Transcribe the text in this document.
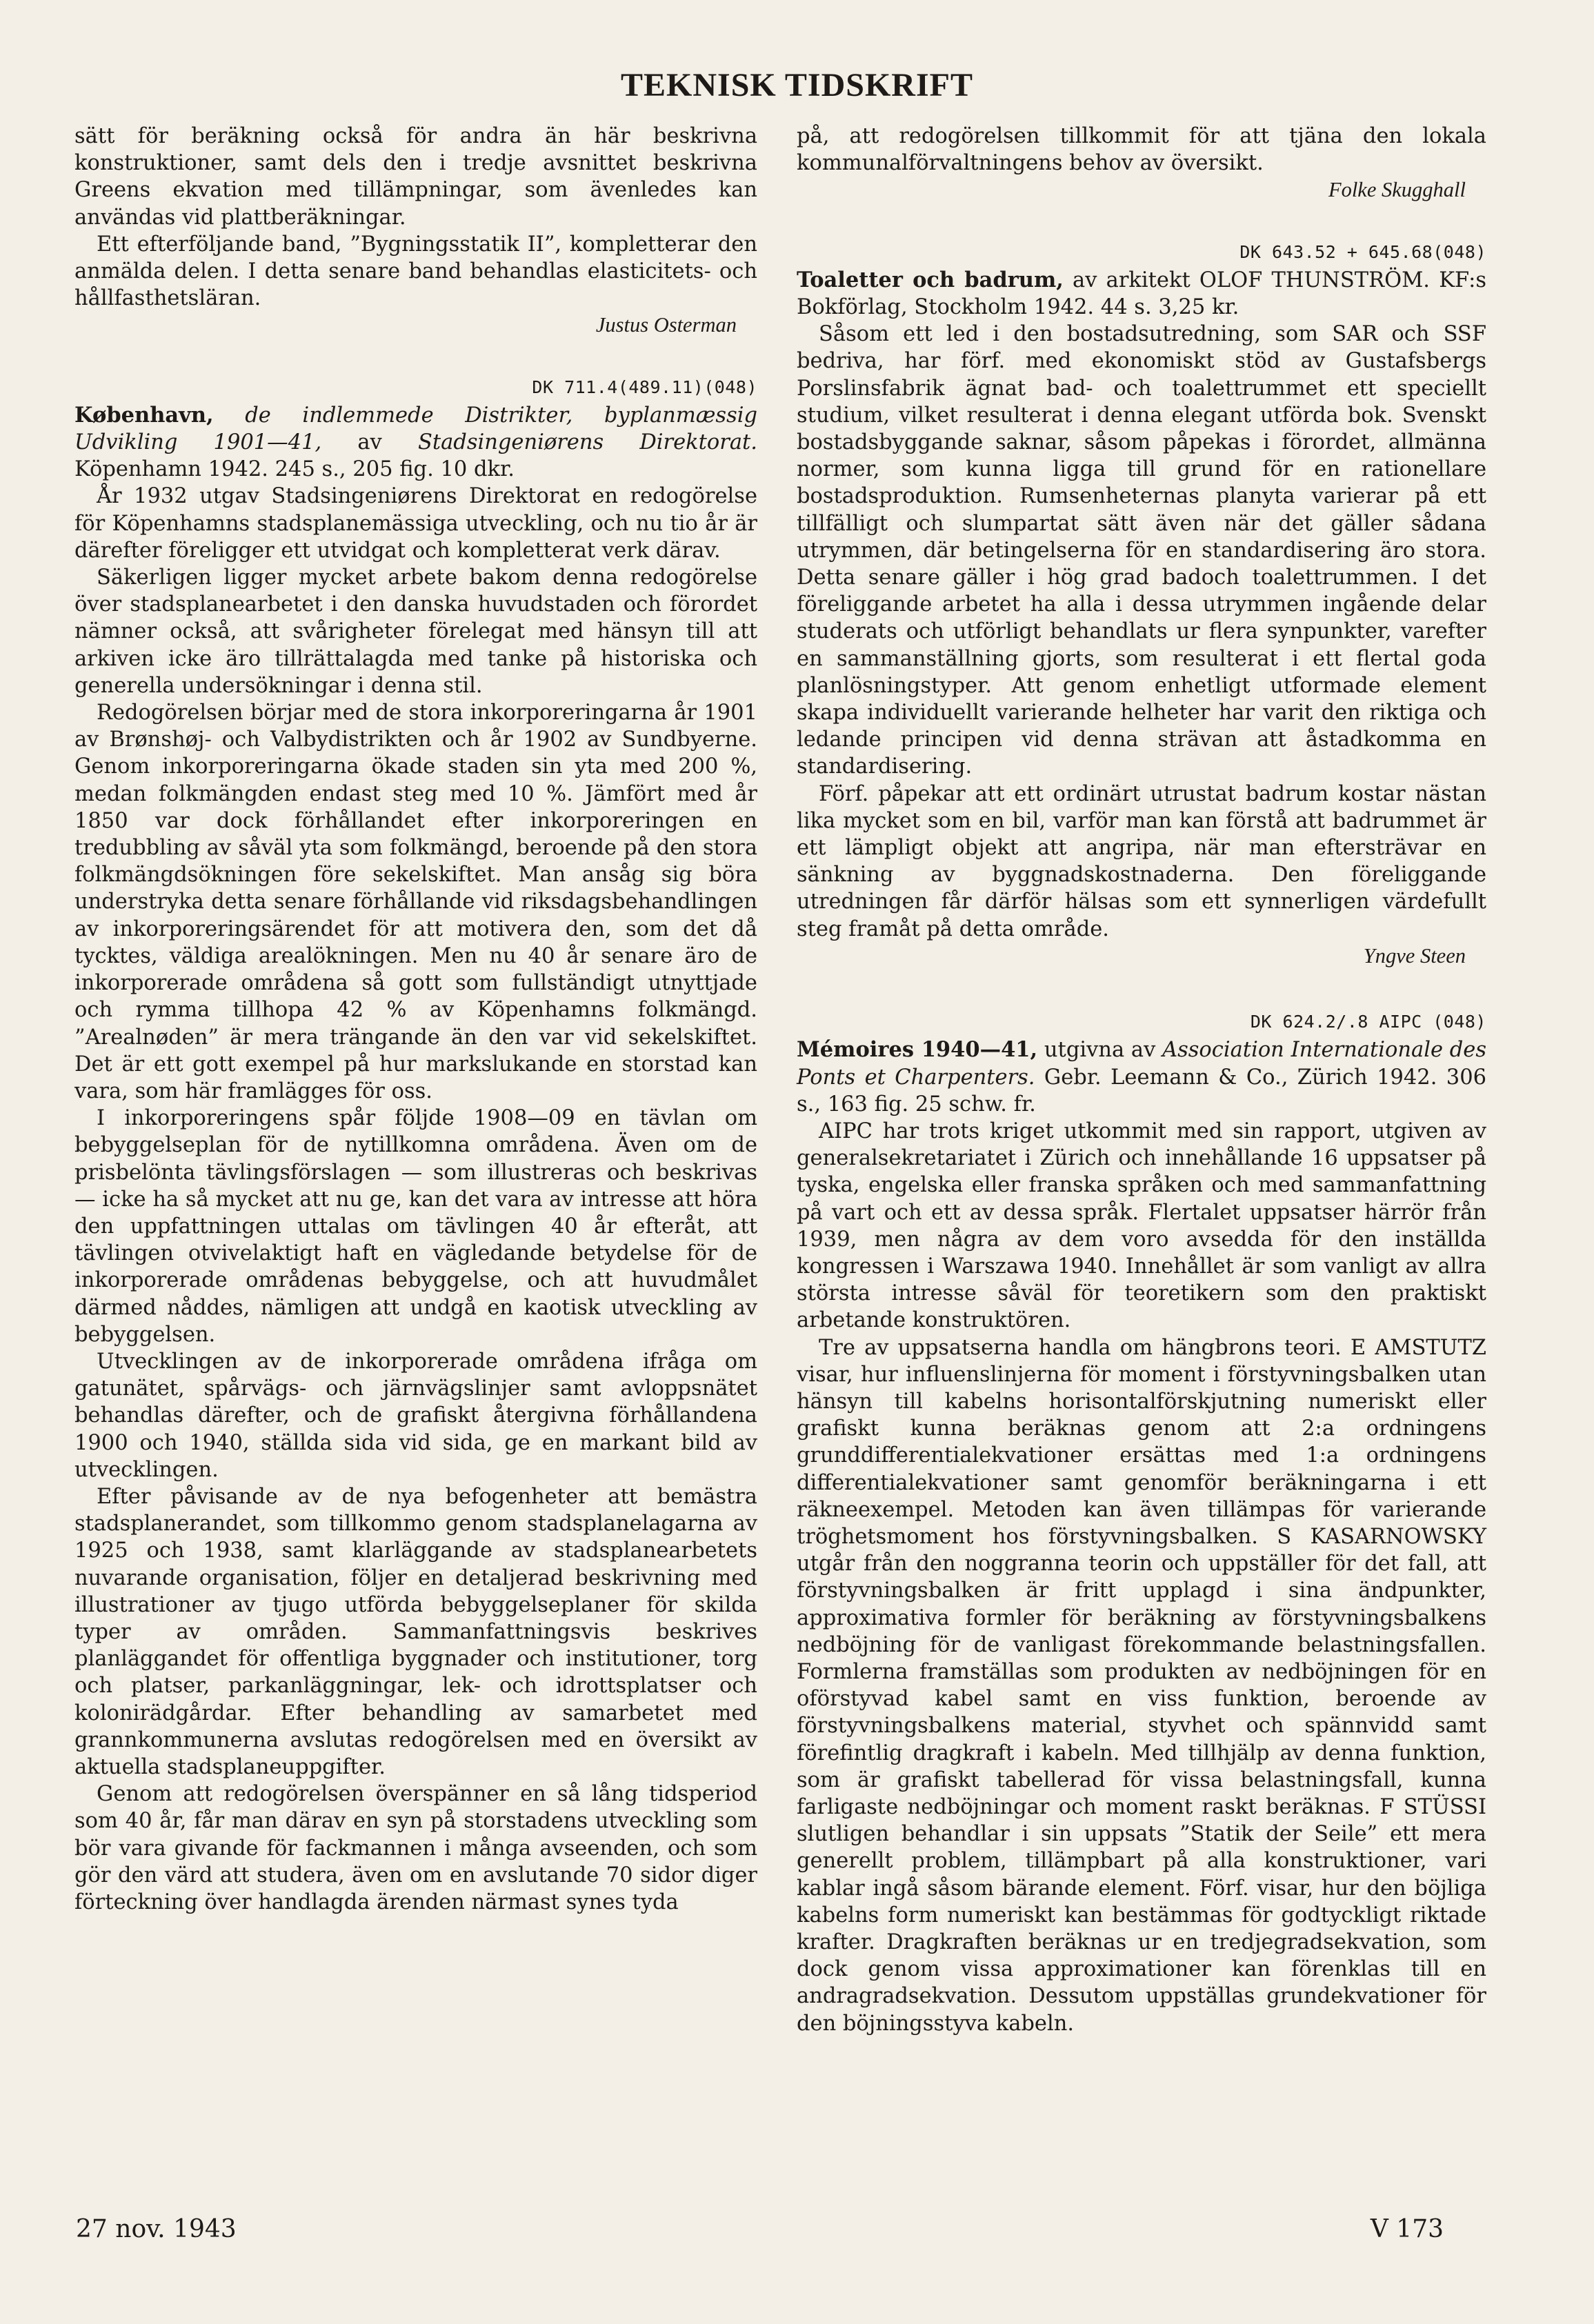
TEKNISK TIDSKRIFT

sätt för beräkning också för andra än här beskrivna konstruktioner, samt dels den i tredje avsnittet beskrivna Greens ekvation med tillämpningar, som ävenledes kan användas vid plattberäkningar.

Ett efterföljande band, ”Bygningsstatik II”, kompletterar den anmälda delen. I detta senare band behandlas elasticitets- och hållfasthetsläran.

Justus Osterman

DK 711.4(489.11)(048)

København, de indlemmede Distrikter, byplanmæssig Udvikling 1901—41, av Stadsingeniørens Direktorat. Köpenhamn 1942. 245 s., 205 fig. 10 dkr.

År 1932 utgav Stadsingeniørens Direktorat en redogörelse för Köpenhamns stadsplanemässiga utveckling, och nu tio år är därefter föreligger ett utvidgat och kompletterat verk därav.

Säkerligen ligger mycket arbete bakom denna redogörelse över stadsplanearbetet i den danska huvudstaden och förordet nämner också, att svårigheter förelegat med hänsyn till att arkiven icke äro tillrättalagda med tanke på historiska och generella undersökningar i denna stil.

Redogörelsen börjar med de stora inkorporeringarna år 1901 av Brønshøj- och Valbydistrikten och år 1902 av Sundbyerne. Genom inkorporeringarna ökade staden sin yta med 200 %, medan folkmängden endast steg med 10 %. Jämfört med år 1850 var dock förhållandet efter inkorporeringen en tredubbling av såväl yta som folkmängd, beroende på den stora folkmängdsökningen före sekelskiftet. Man ansåg sig böra understryka detta senare förhållande vid riksdagsbehandlingen av inkorporeringsärendet för att motivera den, som det då tycktes, väldiga arealökningen. Men nu 40 år senare äro de inkorporerade områdena så gott som fullständigt utnyttjade och rymma tillhopa 42 % av Köpenhamns folkmängd. ”Arealnøden” är mera trängande än den var vid sekelskiftet. Det är ett gott exempel på hur markslukande en storstad kan vara, som här framlägges för oss.

I inkorporeringens spår följde 1908—09 en tävlan om bebyggelseplan för de nytillkomna områdena. Även om de prisbelönta tävlingsförslagen — som illustreras och beskrivas — icke ha så mycket att nu ge, kan det vara av intresse att höra den uppfattningen uttalas om tävlingen 40 år efteråt, att tävlingen otvivelaktigt haft en vägledande betydelse för de inkorporerade områdenas bebyggelse, och att huvudmålet därmed nåddes, nämligen att undgå en kaotisk utveckling av bebyggelsen.

Utvecklingen av de inkorporerade områdena ifråga om gatunätet, spårvägs- och järnvägslinjer samt avloppsnätet behandlas därefter, och de grafiskt återgivna förhållandena 1900 och 1940, ställda sida vid sida, ge en markant bild av utvecklingen.

Efter påvisande av de nya befogenheter att bemästra stadsplanerandet, som tillkommo genom stadsplanelagarna av 1925 och 1938, samt klarläggande av stadsplanearbetets nuvarande organisation, följer en detaljerad beskrivning med illustrationer av tjugo utförda bebyggelseplaner för skilda typer av områden. Sammanfattningsvis beskrives planläggandet för offentliga byggnader och institutioner, torg och platser, parkanläggningar, lek- och idrottsplatser och kolonirädgårdar. Efter behandling av samarbetet med grannkommunerna avslutas redogörelsen med en översikt av aktuella stadsplaneuppgifter.

Genom att redogörelsen överspänner en så lång tidsperiod som 40 år, får man därav en syn på storstadens utveckling som bör vara givande för fackmannen i många avseenden, och som gör den värd att studera, även om en avslutande 70 sidor diger förteckning över handlagda ärenden närmast synes tyda

på, att redogörelsen tillkommit för att tjäna den lokala kommunalförvaltningens behov av översikt.

Folke Skugghall

DK 643.52 + 645.68(048)

Toaletter och badrum, av arkitekt OLOF THUNSTRÖM. KF:s Bokförlag, Stockholm 1942. 44 s. 3,25 kr.

Såsom ett led i den bostadsutredning, som SAR och SSF bedriva, har förf. med ekonomiskt stöd av Gustafsbergs Porslinsfabrik ägnat bad- och toalettrummet ett speciellt studium, vilket resulterat i denna elegant utförda bok. Svenskt bostadsbyggande saknar, såsom påpekas i förordet, allmänna normer, som kunna ligga till grund för en rationellare bostadsproduktion. Rumsenheternas planyta varierar på ett tillfälligt och slumpartat sätt även när det gäller sådana utrymmen, där betingelserna för en standardisering äro stora. Detta senare gäller i hög grad badoch toalettrummen. I det föreliggande arbetet ha alla i dessa utrymmen ingående delar studerats och utförligt behandlats ur flera synpunkter, varefter en sammanställning gjorts, som resulterat i ett flertal goda planlösningstyper. Att genom enhetligt utformade element skapa individuellt varierande helheter har varit den riktiga och ledande principen vid denna strävan att åstadkomma en standardisering.

Förf. påpekar att ett ordinärt utrustat badrum kostar nästan lika mycket som en bil, varför man kan förstå att badrummet är ett lämpligt objekt att angripa, när man eftersträvar en sänkning av byggnadskostnaderna. Den föreliggande utredningen får därför hälsas som ett synnerligen värdefullt steg framåt på detta område.

Yngve Steen

DK 624.2/.8 AIPC (048)

Mémoires 1940—41, utgivna av Association Internationale des Ponts et Charpenters. Gebr. Leemann & Co., Zürich 1942. 306 s., 163 fig. 25 schw. fr.

AIPC har trots kriget utkommit med sin rapport, utgiven av generalsekretariatet i Zürich och innehållande 16 uppsatser på tyska, engelska eller franska språken och med sammanfattning på vart och ett av dessa språk. Flertalet uppsatser härrör från 1939, men några av dem voro avsedda för den inställda kongressen i Warszawa 1940. Innehållet är som vanligt av allra största intresse såväl för teoretikern som den praktiskt arbetande konstruktören.

Tre av uppsatserna handla om hängbrons teori. E AMSTUTZ visar, hur influenslinjerna för moment i förstyvningsbalken utan hänsyn till kabelns horisontalförskjutning numeriskt eller grafiskt kunna beräknas genom att 2:a ordningens grunddifferentialekvationer ersättas med 1:a ordningens differentialekvationer samt genomför beräkningarna i ett räkneexempel. Metoden kan även tillämpas för varierande tröghetsmoment hos förstyvningsbalken. S KASARNOWSKY utgår från den noggranna teorin och uppställer för det fall, att förstyvningsbalken är fritt upplagd i sina ändpunkter, approximativa formler för beräkning av förstyvningsbalkens nedböjning för de vanligast förekommande belastningsfallen. Formlerna framställas som produkten av nedböjningen för en oförstyvad kabel samt en viss funktion, beroende av förstyvningsbalkens material, styvhet och spännvidd samt förefintlig dragkraft i kabeln. Med tillhjälp av denna funktion, som är grafiskt tabellerad för vissa belastningsfall, kunna farligaste nedböjningar och moment raskt beräknas. F STÜSSI slutligen behandlar i sin uppsats ”Statik der Seile” ett mera generellt problem, tillämpbart på alla konstruktioner, vari kablar ingå såsom bärande element. Förf. visar, hur den böjliga kabelns form numeriskt kan bestämmas för godtyckligt riktade krafter. Dragkraften beräknas ur en tredjegradsekvation, som dock genom vissa approximationer kan förenklas till en andragradsekvation. Dessutom uppställas grundekvationer för den böjningsstyva kabeln.

27 nov. 1943	V 173
